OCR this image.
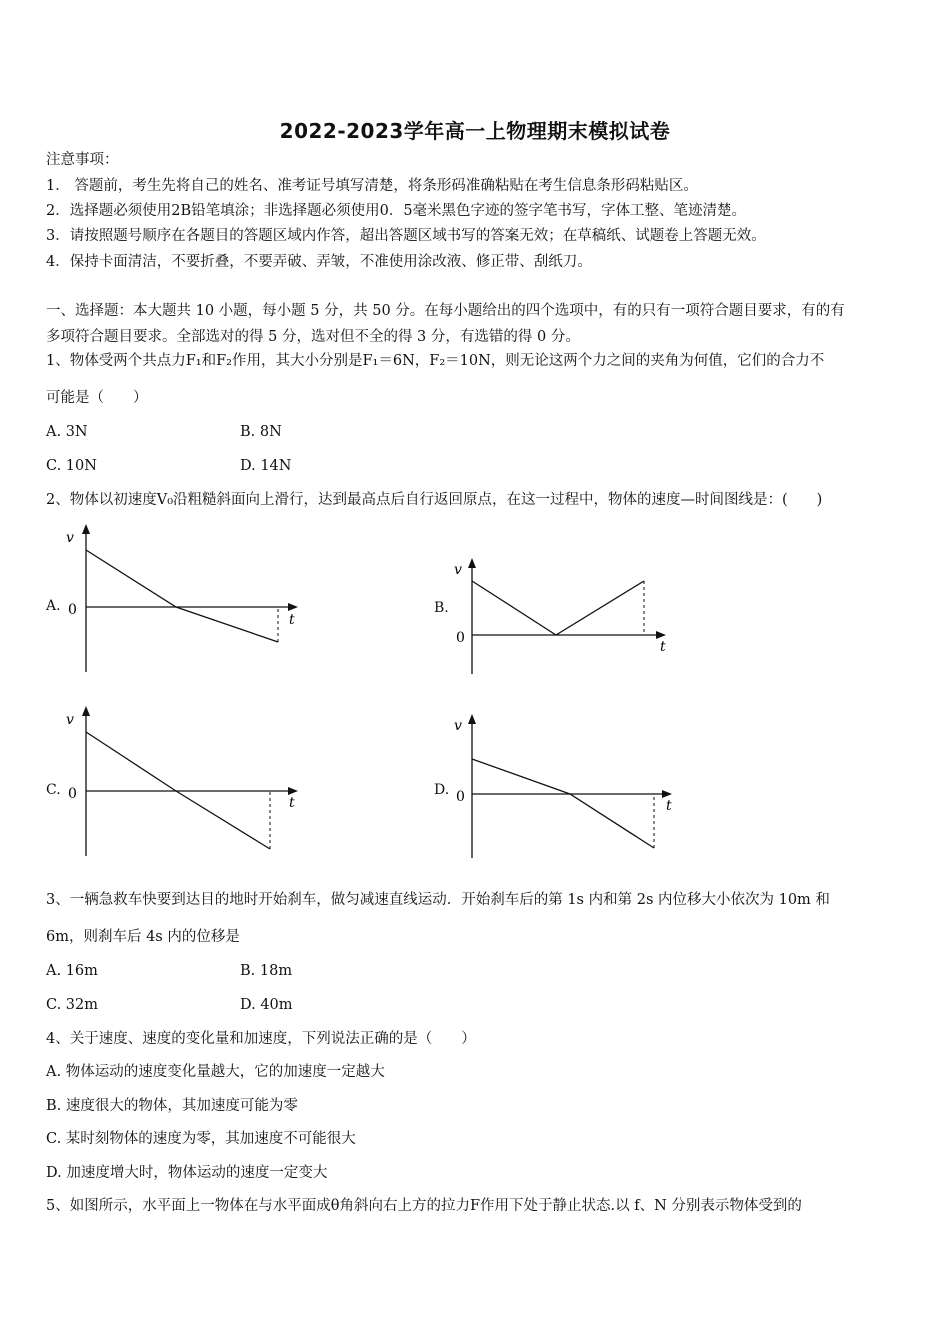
2022-2023学年高一上物理期末模拟试卷
注意事项：
1． 答题前，考生先将自己的姓名、准考证号填写清楚，将条形码准确粘贴在考生信息条形码粘贴区。
2．选择题必须使用2B铅笔填涂；非选择题必须使用0．5毫米黑色字迹的签字笔书写，字体工整、笔迹清楚。
3．请按照题号顺序在各题目的答题区域内作答，超出答题区域书写的答案无效；在草稿纸、试题卷上答题无效。
4．保持卡面清洁，不要折叠，不要弄破、弄皱，不准使用涂改液、修正带、刮纸刀。
一、选择题：本大题共 10 小题，每小题 5 分，共 50 分。在每小题给出的四个选项中，有的只有一项符合题目要求，有的有
多项符合题目要求。全部选对的得 5 分，选对但不全的得 3 分，有选错的得 0 分。
1、物体受两个共点力F₁和F₂作用，其大小分别是F₁＝6N，F₂＝10N，则无论这两个力之间的夹角为何值，它们的合力不
可能是（　　）
A. 3N	B. 8N
C. 10N	D. 14N
2、物体以初速度V₀沿粗糙斜面向上滑行，达到最高点后自行返回原点，在这一过程中，物体的速度—时间图线是：(　　)
A.
v
0
t
B.
v
0
t
C.
v
0
t
D.
v
0
t
3、一辆急救车快要到达目的地时开始刹车，做匀减速直线运动．开始刹车后的第 1s 内和第 2s 内位移大小依次为 10m 和
6m，则刹车后 4s 内的位移是
A. 16m	B. 18m
C. 32m	D. 40m
4、关于速度、速度的变化量和加速度，下列说法正确的是（　　）
A. 物体运动的速度变化量越大，它的加速度一定越大
B. 速度很大的物体，其加速度可能为零
C. 某时刻物体的速度为零，其加速度不可能很大
D. 加速度增大时，物体运动的速度一定变大
5、如图所示，水平面上一物体在与水平面成θ角斜向右上方的拉力F作用下处于静止状态.以 f、N 分别表示物体受到的
